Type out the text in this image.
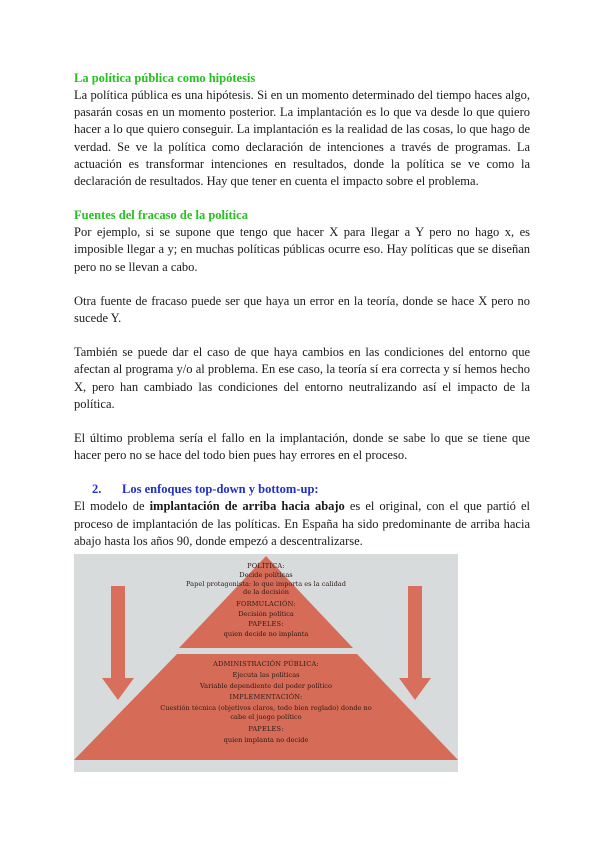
La política pública como hipótesis

La política pública es una hipótesis. Si en un momento determinado del tiempo haces algo, pasarán cosas en un momento posterior. La implantación es lo que va desde lo que quiero hacer a lo que quiero conseguir. La implantación es la realidad de las cosas, lo que hago de verdad. Se ve la política como declaración de intenciones a través de programas. La actuación es transformar intenciones en resultados, donde la política se ve como la declaración de resultados. Hay que tener en cuenta el impacto sobre el problema.

Fuentes del fracaso de la política

Por ejemplo, si se supone que tengo que hacer X para llegar a Y pero no hago x, es imposible llegar a y; en muchas políticas públicas ocurre eso. Hay políticas que se diseñan pero no se llevan a cabo.

Otra fuente de fracaso puede ser que haya un error en la teoría, donde se hace X pero no sucede Y.

También se puede dar el caso de que haya cambios en las condiciones del entorno que afectan al programa y/o al problema. En ese caso, la teoría sí era correcta y sí hemos hecho X, pero han cambiado las condiciones del entorno neutralizando así el impacto de la política.

El último problema sería el fallo en la implantación, donde se sabe lo que se tiene que hacer pero no se hace del todo bien pues hay errores en el proceso.

2. Los enfoques top-down y bottom-up:

El modelo de implantación de arriba hacia abajo es el original, con el que partió el proceso de implantación de las políticas. En España ha sido predominante de arriba hacia abajo hasta los años 90, donde empezó a descentralizarse.

POLÍTICA:
Decide políticas
Papel protagonista: lo que importa es la calidad
de la decisión
FORMULACIÓN:
Decisión política
PAPELES:
quien decide no implanta
ADMINISTRACIÓN PÚBLICA:
Ejecuta las políticas
Variable dependiente del poder político
IMPLEMENTACIÓN:
Cuestión técnica (objetivos claros, todo bien reglado) donde no
cabe el juego político
PAPELES:
quien implanta no decide
